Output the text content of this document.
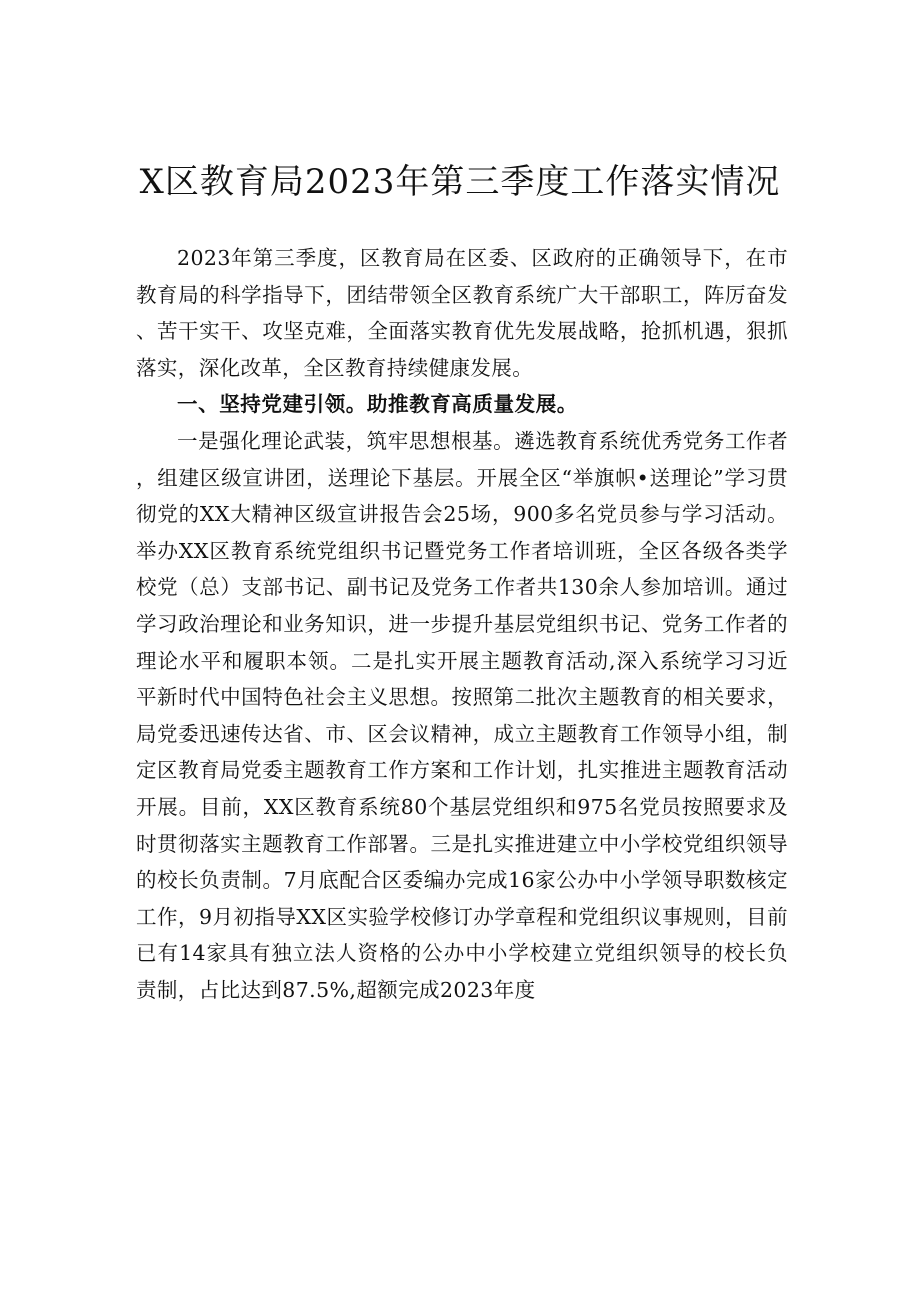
X区教育局2023年第三季度工作落实情况

2023年第三季度，区教育局在区委、区政府的正确领导下，在市教育局的科学指导下，团结带领全区教育系统广大干部职工，阵厉奋发、苦干实干、攻坚克难，全面落实教育优先发展战略，抢抓机遇，狠抓落实，深化改革，全区教育持续健康发展。

一、坚持党建引领。助推教育高质量发展。

一是强化理论武装，筑牢思想根基。遴选教育系统优秀党务工作者，组建区级宣讲团，送理论下基层。开展全区“举旗帜•送理论”学习贯彻党的XX大精神区级宣讲报告会25场，900多名党员参与学习活动。举办XX区教育系统党组织书记暨党务工作者培训班，全区各级各类学校党（总）支部书记、副书记及党务工作者共130余人参加培训。通过学习政治理论和业务知识，进一步提升基层党组织书记、党务工作者的理论水平和履职本领。二是扎实开展主题教育活动,深入系统学习习近平新时代中国特色社会主义思想。按照第二批次主题教育的相关要求，局党委迅速传达省、市、区会议精神，成立主题教育工作领导小组，制定区教育局党委主题教育工作方案和工作计划，扎实推进主题教育活动开展。目前，XX区教育系统80个基层党组织和975名党员按照要求及时贯彻落实主题教育工作部署。三是扎实推进建立中小学校党组织领导的校长负责制。7月底配合区委编办完成16家公办中小学领导职数核定工作，9月初指导XX区实验学校修订办学章程和党组织议事规则，目前已有14家具有独立法人资格的公办中小学校建立党组织领导的校长负责制，占比达到87.5%,超额完成2023年度
